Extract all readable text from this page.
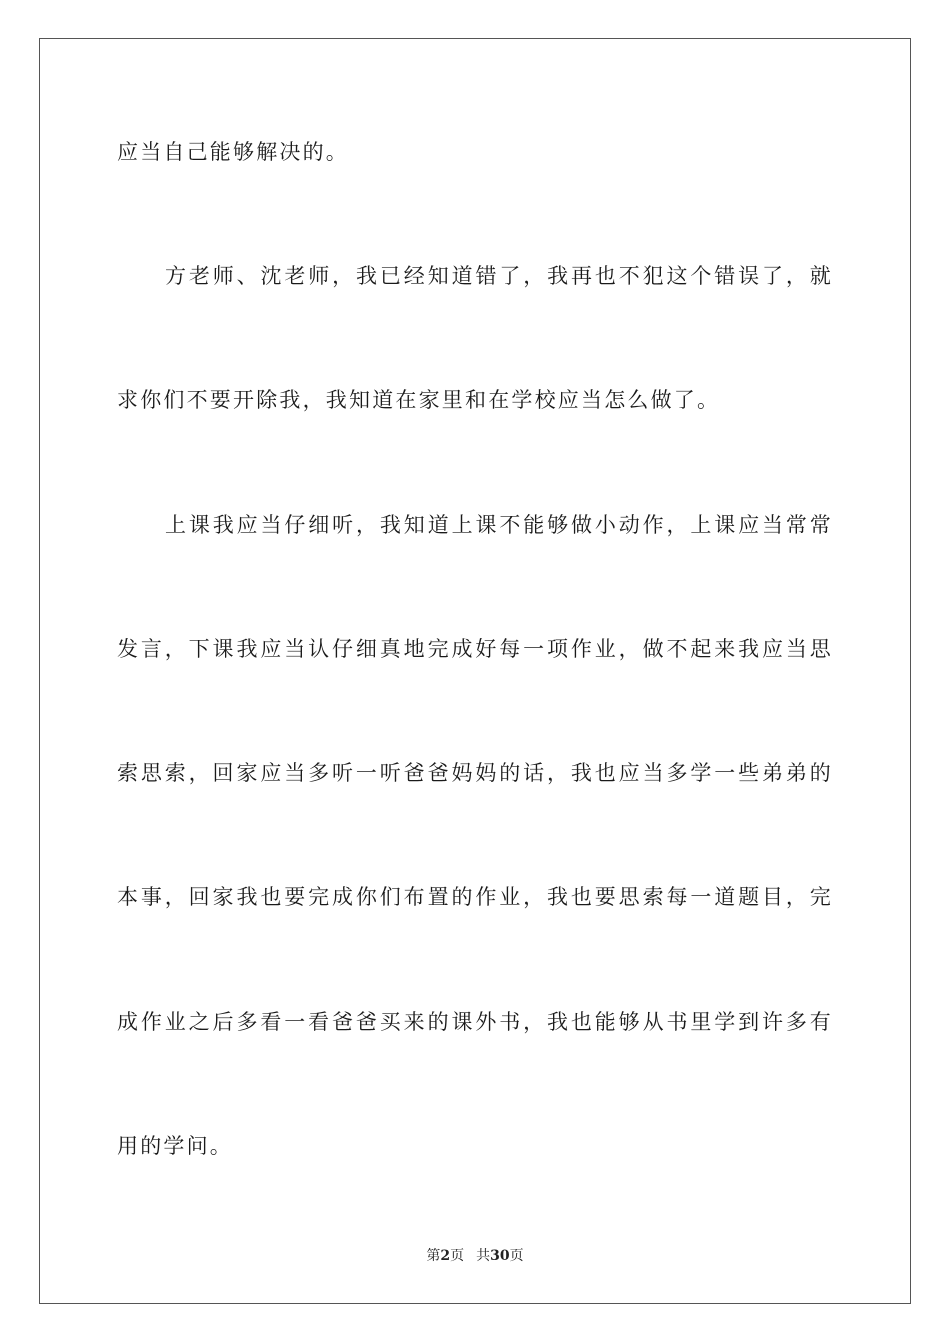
应当自己能够解决的。
方老师、沈老师，我已经知道错了，我再也不犯这个错误了，就
求你们不要开除我，我知道在家里和在学校应当怎么做了。
上课我应当仔细听，我知道上课不能够做小动作，上课应当常常
发言，下课我应当认仔细真地完成好每一项作业，做不起来我应当思
索思索，回家应当多听一听爸爸妈妈的话，我也应当多学一些弟弟的
本事，回家我也要完成你们布置的作业，我也要思索每一道题目，完
成作业之后多看一看爸爸买来的课外书，我也能够从书里学到许多有
用的学问。
第2页 共30页
